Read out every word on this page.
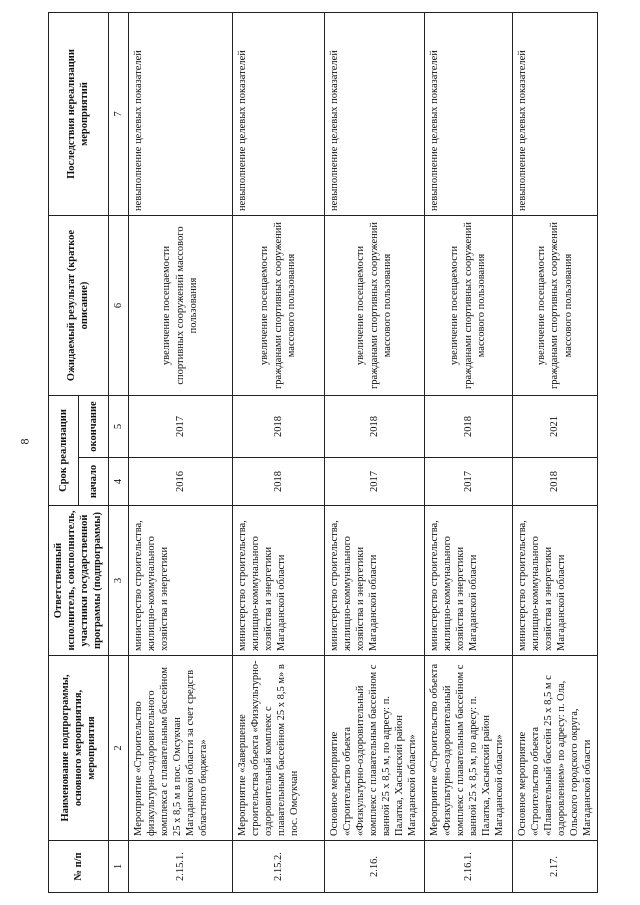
8
№ п/п	Наименование подпрограммы, основного мероприятия, мероприятия	Ответственный исполнитель, соисполнитель, участники государственной программы (подпрограммы)	Срок реализации		Ожидаемый результат (краткое описание)	Последствия нереализации мероприятий
			начало	окончание		
1	2	3	4	5	6	7
2.15.1.	Мероприятие «Строительство физкультурно-оздоровительного комплекса с плавательным бассейном 25 х 8,5 м в пос. Омсукчан Магаданской области за счет средств областного бюджета»	министерство строительства, жилищно-коммунального хозяйства и энергетики	2016	2017	увеличение посещаемости спортивных сооружений массового пользования	невыполнение целевых показателей
2.15.2.	Мероприятие «Завершение строительства объекта «Физкультурно-оздоровительный комплекс с плавательным бассейном 25 х 8,5 м» в пос. Омсукчан	министерство строительства, жилищно-коммунального хозяйства и энергетики Магаданской области	2018	2018	увеличение посещаемости гражданами спортивных сооружений массового пользования	невыполнение целевых показателей
2.16.	Основное мероприятие «Строительство объекта «Физкультурно-оздоровительный комплекс с плавательным бассейном с ванной 25 х 8,5 м, по адресу: п. Палатка, Хасынский район Магаданской области»	министерство строительства, жилищно-коммунального хозяйства и энергетики Магаданской области	2017	2018	увеличение посещаемости гражданами спортивных сооружений массового пользования	невыполнение целевых показателей
2.16.1.	Мероприятие «Строительство объекта «Физкультурно-оздоровительный комплекс с плавательным бассейном с ванной 25 х 8,5 м, по адресу: п. Палатка, Хасынский район Магаданской области»	министерство строительства, жилищно-коммунального хозяйства и энергетики Магаданской области	2017	2018	увеличение посещаемости гражданами спортивных сооружений массового пользования	невыполнение целевых показателей
2.17.	Основное мероприятие «Строительство объекта «Плавательный бассейн 25 х 8,5 м с оздоровлением» по адресу: п. Ола, Ольского городского округа, Магаданской области	министерство строительства, жилищно-коммунального хозяйства и энергетики Магаданской области	2018	2021	увеличение посещаемости гражданами спортивных сооружений массового пользования	невыполнение целевых показателей
